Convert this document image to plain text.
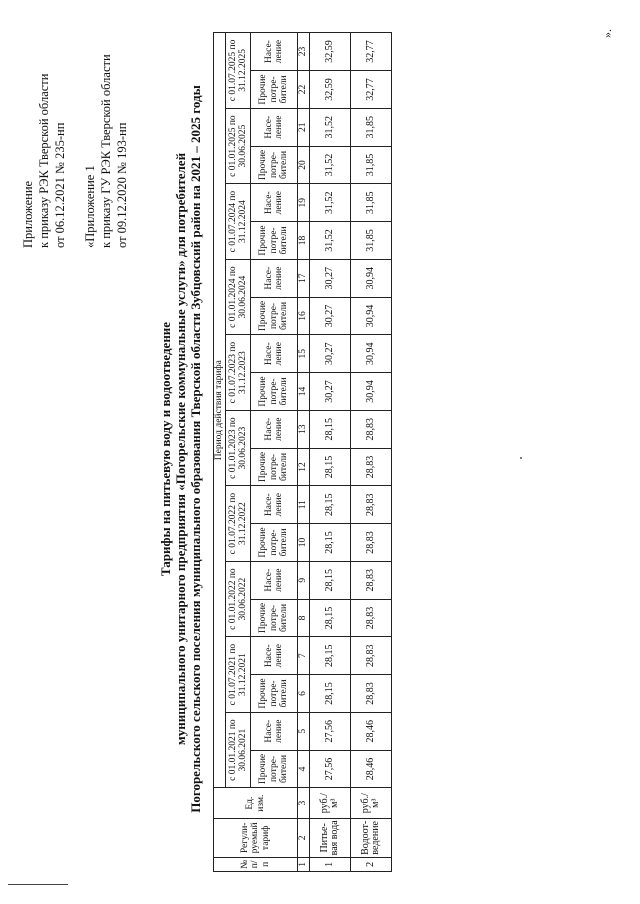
Приложение к приказу РЭК Тверской области от 06.12.2021 № 235-нп «Приложение 1 к приказу ГУ РЭК Тверской области от 09.12.2020 № 193-нп
Тарифы на питьевую воду и водоотведение муниципального унитарного предприятия «Погорельские коммунальные услуги» для потребителей Погорельского сельского поселения муниципального образования Тверской области Зубцовский район на 2021 – 2025 годы
№ п/п	Регули-руемый тариф	Ед. изм.	Период действия тарифа																			
			с 01.01.2021 по 30.06.2021		с 01.07.2021 по 31.12.2021		с 01.01.2022 по 30.06.2022		с 01.07.2022 по 31.12.2022		с 01.01.2023 по 30.06.2023		с 01.07.2023 по 31.12.2023		с 01.01.2024 по 30.06.2024		с 01.07.2024 по 31.12.2024		с 01.01.2025 по 30.06.2025		с 01.07.2025 по 31.12.2025	
			Прочие потре-бители	Насе-ление	Прочие потре-бители	Насе-ление	Прочие потре-бители	Насе-ление	Прочие потре-бители	Насе-ление	Прочие потре-бители	Насе-ление	Прочие потре-бители	Насе-ление	Прочие потре-бители	Насе-ление	Прочие потре-бители	Насе-ление	Прочие потре-бители	Насе-ление	Прочие потре-бители	Насе-ление
1	2	3	4	5	6	7	8	9	10	11	12	13	14	15	16	17	18	19	20	21	22	23
1	Питье-вая вода	руб./м³	27,56	27,56	28,15	28,15	28,15	28,15	28,15	28,15	28,15	28,15	30,27	30,27	30,27	30,27	31,52	31,52	31,52	31,52	32,59	32,59
2	Водоот-ведение	руб./м³	28,46	28,46	28,83	28,83	28,83	28,83	28,83	28,83	28,83	28,83	30,94	30,94	30,94	30,94	31,85	31,85	31,85	31,85	32,77	32,77
».
